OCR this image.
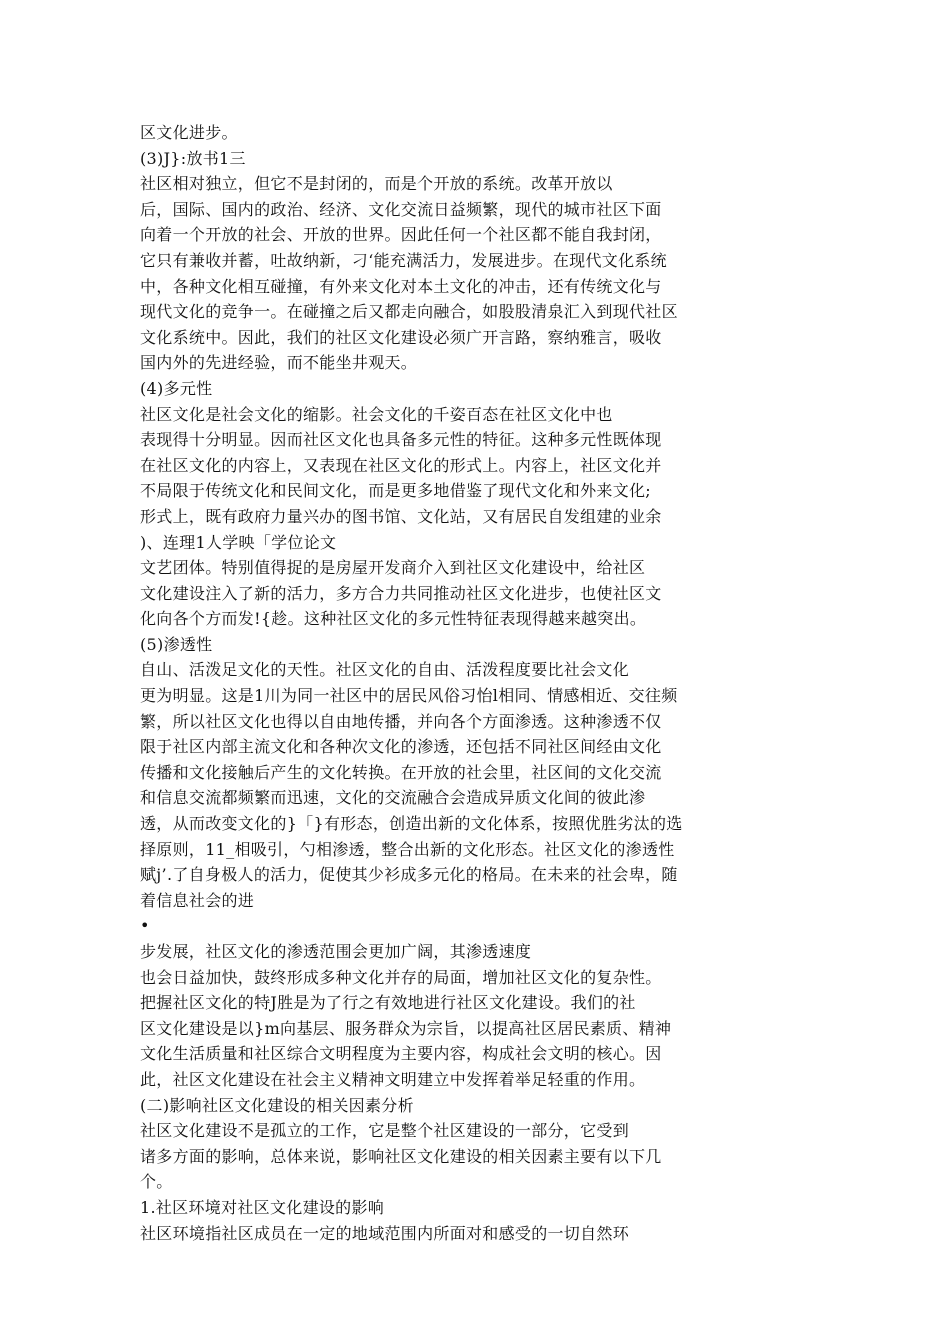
区文化进步。
(3)J}:放书1三
社区相对独立，但它不是封闭的，而是个开放的系统。改革开放以
后，国际、国内的政治、经济、文化交流日益频繁，现代的城市社区下面
向着一个开放的社会、开放的世界。因此任何一个社区都不能自我封闭，
它只有兼收并蓄，吐故纳新，刁‘能充满活力，发展进步。在现代文化系统
中，各种文化相互碰撞，有外来文化对本土文化的冲击，还有传统文化与
现代文化的竞争一。在碰撞之后又都走向融合，如股股清泉汇入到现代社区
文化系统中。因此，我们的社区文化建设必须广开言路，察纳雅言，吸收
国内外的先进经验，而不能坐井观天。
(4)多元性
社区文化是社会文化的缩影。社会文化的千姿百态在社区文化中也
表现得十分明显。因而社区文化也具备多元性的特征。这种多元性既体现
在社区文化的内容上，又表现在社区文化的形式上。内容上，社区文化并
不局限于传统文化和民间文化，而是更多地借鉴了现代文化和外来文化;
形式上，既有政府力量兴办的图书馆、文化站，又有居民自发组建的业余
)、连理1人学映「学位论文
文艺团体。特别值得捉的是房屋开发商介入到社区文化建设中，给社区
文化建设注入了新的活力，多方合力共同推动社区文化进步，也使社区文
化向各个方而发!{趁。这种社区文化的多元性特征表现得越来越突出。
(5)渗透性
自山、活泼足文化的天性。社区文化的自由、活泼程度要比社会文化
更为明显。这是1川为同一社区中的居民风俗习怡l相同、情感相近、交往频
繁，所以社区文化也得以自由地传播，并向各个方面渗透。这种渗透不仅
限于社区内部主流文化和各种次文化的渗透，还包括不同社区间经由文化
传播和文化接触后产生的文化转换。在开放的社会里，社区间的文化交流
和信息交流都频繁而迅速，文化的交流融合会造成异质文化间的彼此渗
透，从而改变文化的}「}有形态，创造出新的文化体系，按照优胜劣汰的选
择原则，11_相吸引，勺相渗透，整合出新的文化形态。社区文化的渗透性
赋j’.了自身极人的活力，促使其少衫成多元化的格局。在未来的社会卑，随
着信息社会的进
•
步发展，社区文化的渗透范围会更加广阔，其渗透速度
也会日益加快，鼓终形成多种文化并存的局面，增加社区文化的复杂性。
把握社区文化的特J胜是为了行之有效地进行社区文化建设。我们的社
区文化建设是以}m向基层、服务群众为宗旨，以提高社区居民素质、精神
文化生活质量和社区综合文明程度为主要内容，构成社会文明的核心。因
此，社区文化建设在社会主义精神文明建立中发挥着举足轻重的作用。
(二)影响社区文化建设的相关因素分析
社区文化建设不是孤立的工作，它是整个社区建设的一部分，它受到
诸多方面的影响，总体来说，影响社区文化建设的相关因素主要有以下几
个。
1.社区环境对社区文化建设的影响
社区环境指社区成员在一定的地域范围内所面对和感受的一切自然环
